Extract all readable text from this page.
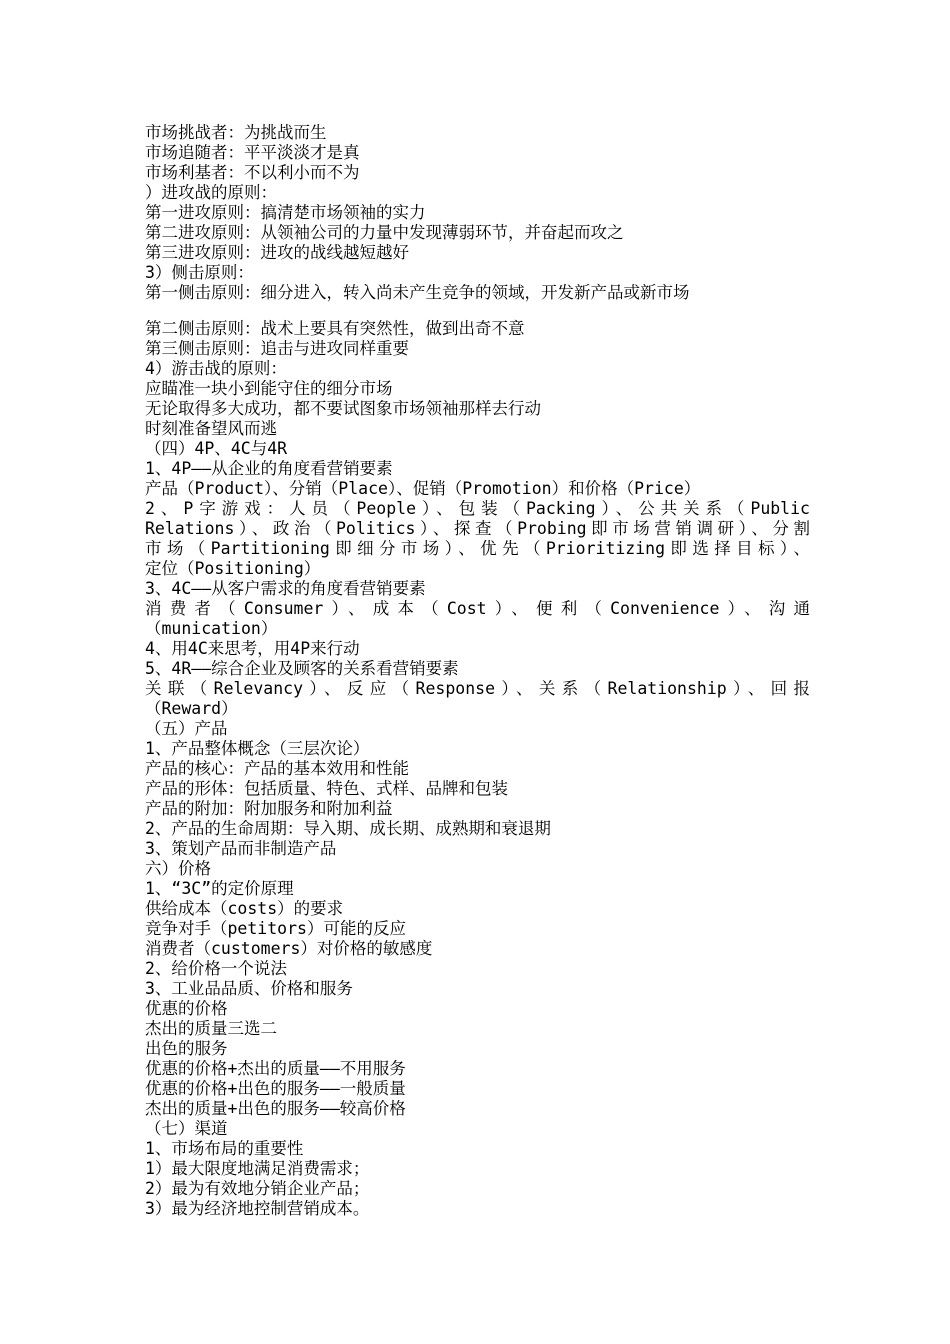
市场挑战者：为挑战而生
市场追随者：平平淡淡才是真
市场利基者：不以利小而不为
）进攻战的原则：
第一进攻原则：搞清楚市场领袖的实力
第二进攻原则：从领袖公司的力量中发现薄弱环节，并奋起而攻之
第三进攻原则：进攻的战线越短越好
3）侧击原则：
第一侧击原则：细分进入，转入尚未产生竞争的领域，开发新产品或新市场
第二侧击原则：战术上要具有突然性，做到出奇不意
第三侧击原则：追击与进攻同样重要
4）游击战的原则：
应瞄准一块小到能守住的细分市场
无论取得多大成功，都不要试图象市场领袖那样去行动
时刻准备望风而逃
（四）4P、4C与4R
1、4P——从企业的角度看营销要素
产品（Product）、分销（Place）、促销（Promotion）和价格（Price）
2、P字游戏：人员（People）、包装（Packing）、公共关系（Public
Relations）、政治（Politics）、探查（Probing即市场营销调研）、分割
市场（Partitioning即细分市场）、优先（Prioritizing即选择目标）、
定位（Positioning）
3、4C——从客户需求的角度看营销要素
消费者（Consumer）、成本（Cost）、便利（Convenience）、沟通
（munication）
4、用4C来思考，用4P来行动
5、4R——综合企业及顾客的关系看营销要素
关联（Relevancy）、反应（Response）、关系（Relationship）、回报
（Reward）
（五）产品
1、产品整体概念（三层次论）
产品的核心：产品的基本效用和性能
产品的形体：包括质量、特色、式样、品牌和包装
产品的附加：附加服务和附加利益
2、产品的生命周期：导入期、成长期、成熟期和衰退期
3、策划产品而非制造产品
六）价格
1、“3C”的定价原理
供给成本（costs）的要求
竞争对手（petitors）可能的反应
消费者（customers）对价格的敏感度
2、给价格一个说法
3、工业品品质、价格和服务
优惠的价格
杰出的质量三选二
出色的服务
优惠的价格+杰出的质量——不用服务
优惠的价格+出色的服务——一般质量
杰出的质量+出色的服务——较高价格
（七）渠道
1、市场布局的重要性
1）最大限度地满足消费需求；
2）最为有效地分销企业产品；
3）最为经济地控制营销成本。
